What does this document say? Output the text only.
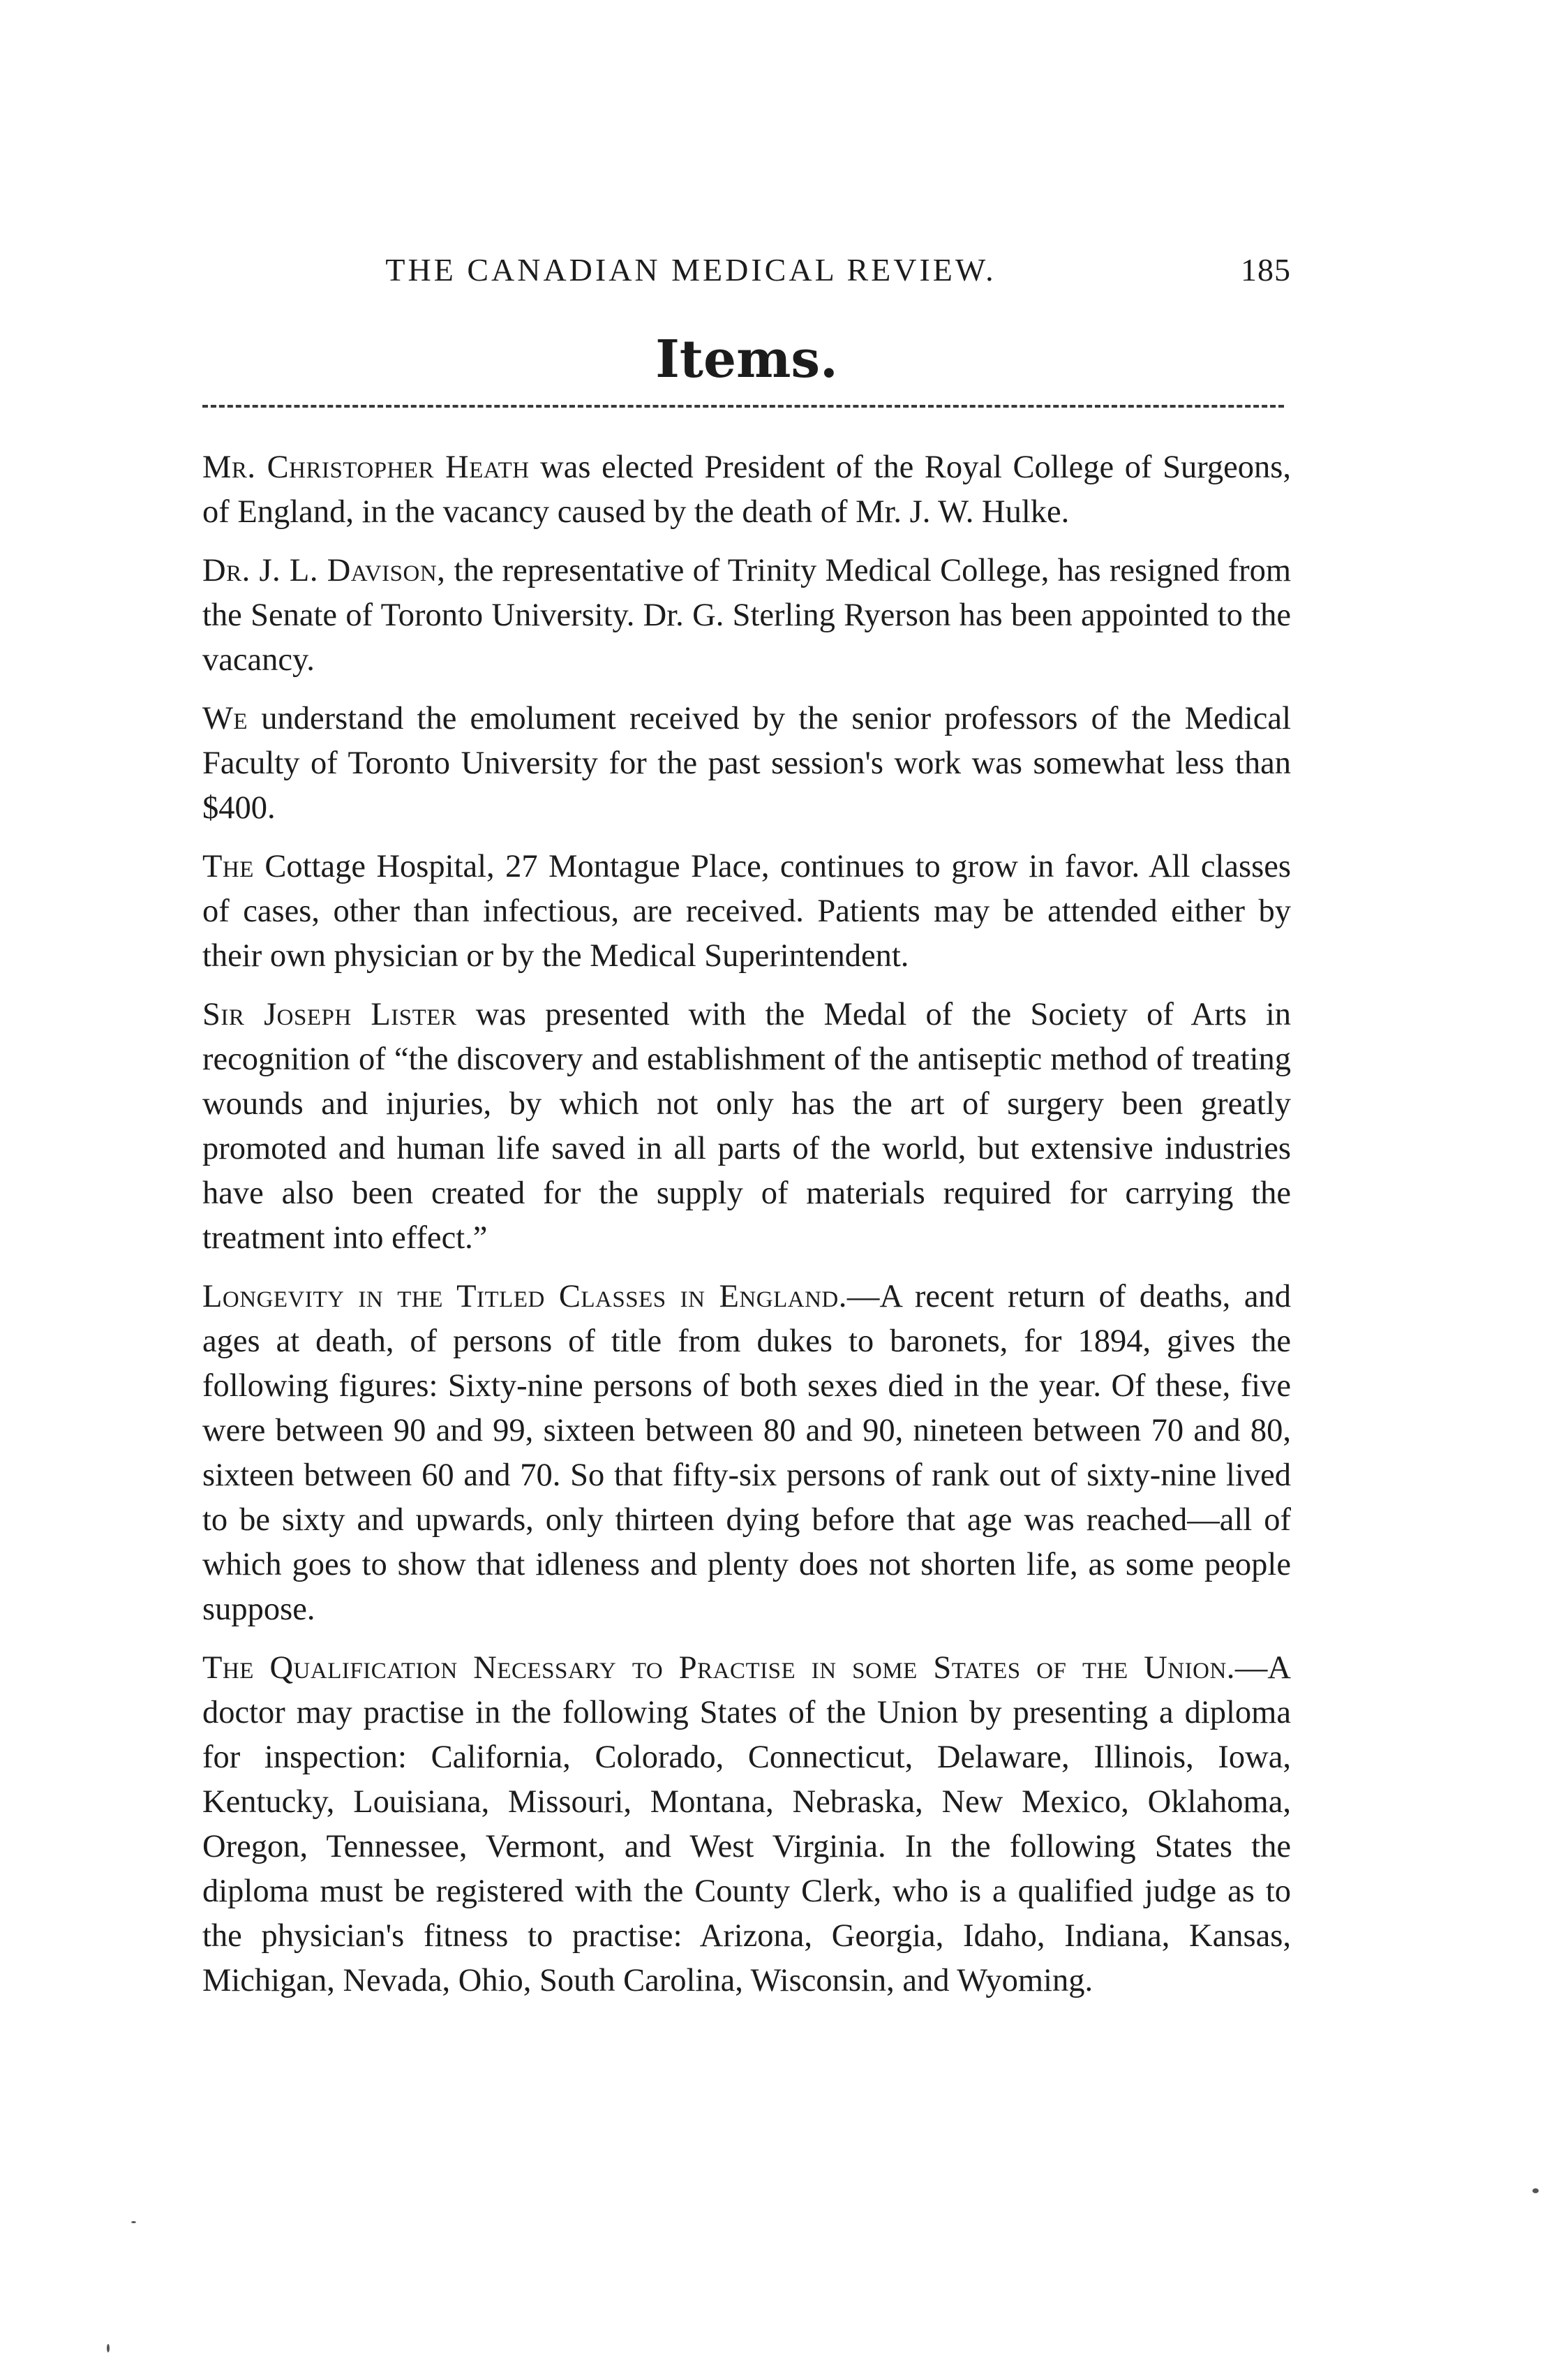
THE CANADIAN MEDICAL REVIEW.	185
Items.

Mr. Christopher Heath was elected President of the Royal College of Surgeons, of England, in the vacancy caused by the death of Mr. J. W. Hulke.

Dr. J. L. Davison, the representative of Trinity Medical College, has resigned from the Senate of Toronto University. Dr. G. Sterling Ryerson has been appointed to the vacancy.

We understand the emolument received by the senior professors of the Medical Faculty of Toronto University for the past session's work was somewhat less than $400.

The Cottage Hospital, 27 Montague Place, continues to grow in favor. All classes of cases, other than infectious, are received. Patients may be attended either by their own physician or by the Medical Superintendent.

Sir Joseph Lister was presented with the Medal of the Society of Arts in recognition of “the discovery and establishment of the antiseptic method of treating wounds and injuries, by which not only has the art of surgery been greatly promoted and human life saved in all parts of the world, but extensive industries have also been created for the supply of materials required for carrying the treatment into effect.”

Longevity in the Titled Classes in England.—A recent return of deaths, and ages at death, of persons of title from dukes to baronets, for 1894, gives the following figures: Sixty-nine persons of both sexes died in the year. Of these, five were between 90 and 99, sixteen between 80 and 90, nineteen between 70 and 80, sixteen between 60 and 70. So that fifty-six persons of rank out of sixty-nine lived to be sixty and upwards, only thirteen dying before that age was reached—all of which goes to show that idleness and plenty does not shorten life, as some people suppose.

The Qualification Necessary to Practise in some States of the Union.—A doctor may practise in the following States of the Union by presenting a diploma for inspection: California, Colorado, Connecticut, Delaware, Illinois, Iowa, Kentucky, Louisiana, Missouri, Montana, Nebraska, New Mexico, Oklahoma, Oregon, Tennessee, Vermont, and West Virginia. In the following States the diploma must be registered with the County Clerk, who is a qualified judge as to the physician's fitness to practise: Arizona, Georgia, Idaho, Indiana, Kansas, Michigan, Nevada, Ohio, South Carolina, Wisconsin, and Wyoming.
